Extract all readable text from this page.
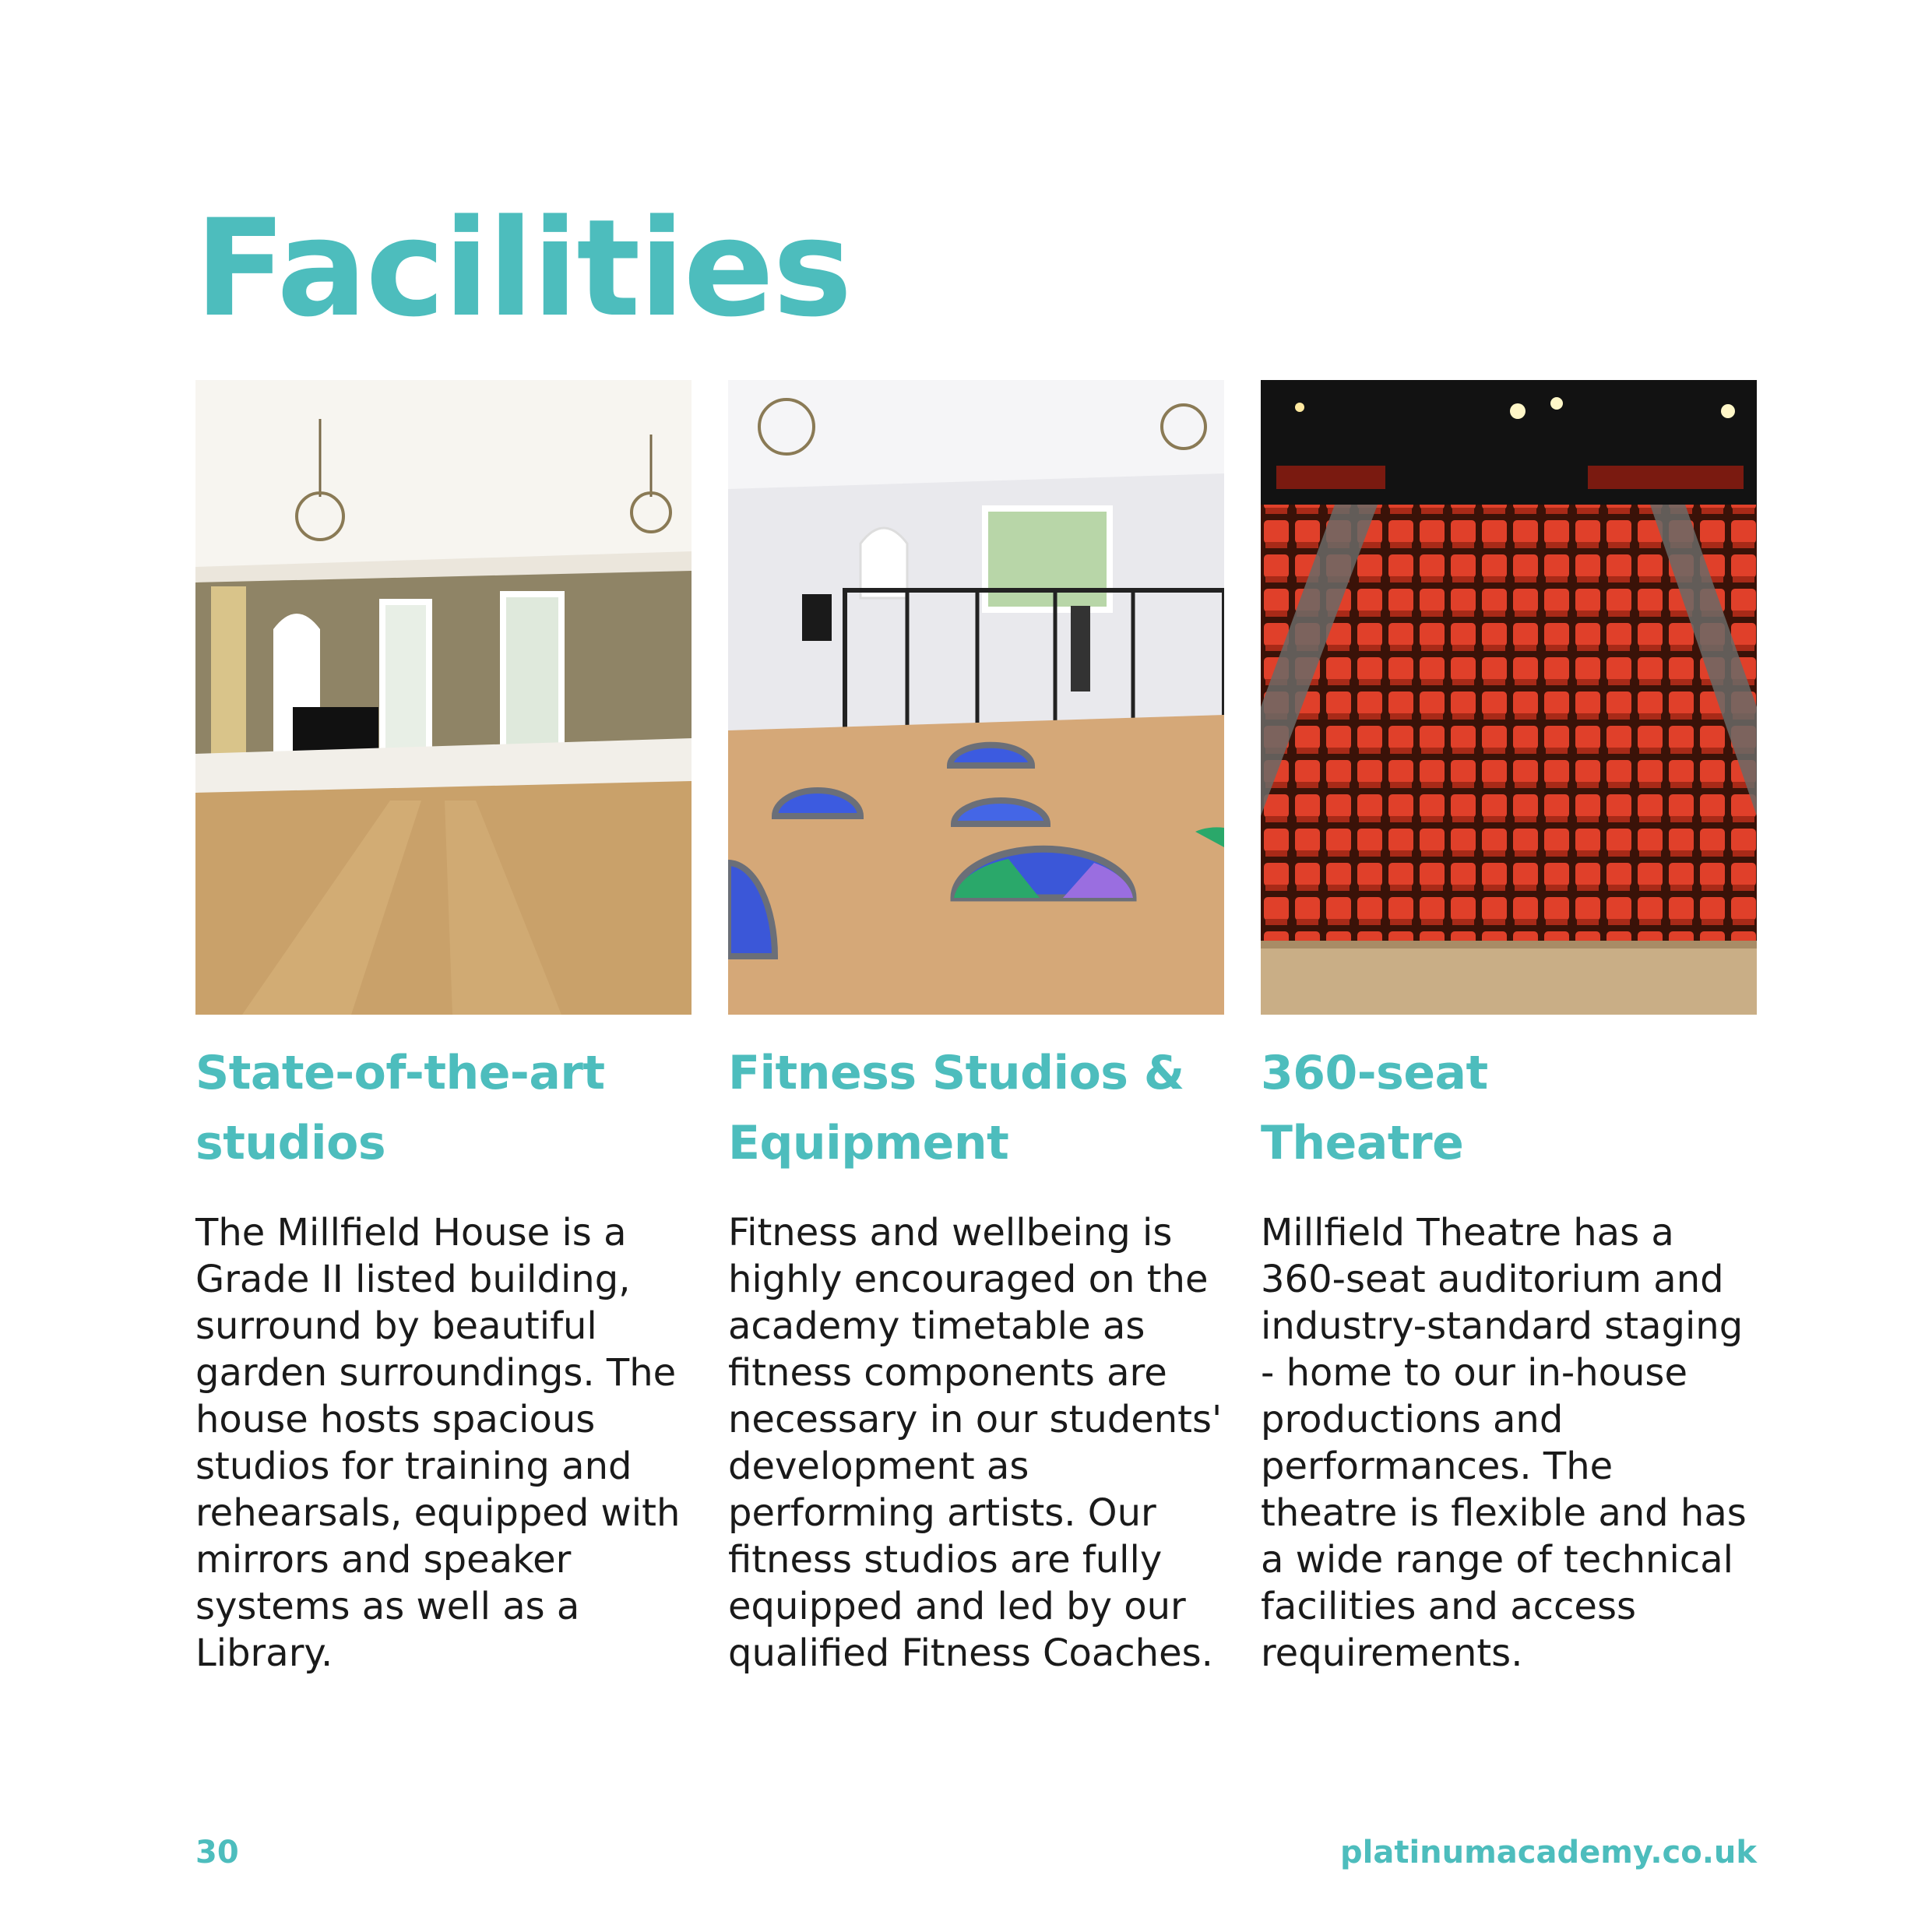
Facilities
State-of-the-art
studios

The Millfield House is a Grade II listed building, surround by beautiful garden surroundings. The house hosts spacious studios for training and rehearsals, equipped with mirrors and speaker systems as well as a Library.

Fitness Studios &
Equipment

Fitness and wellbeing is highly encouraged on the academy timetable as fitness components are necessary in our students' development as performing artists. Our fitness studios are fully equipped and led by our qualified Fitness Coaches.

360-seat
Theatre

Millfield Theatre has a 360-seat auditorium and industry-standard staging - home to our in-house productions and performances. The theatre is flexible and has a wide range of technical facilities and access requirements.

30	platinumacademy.co.uk
